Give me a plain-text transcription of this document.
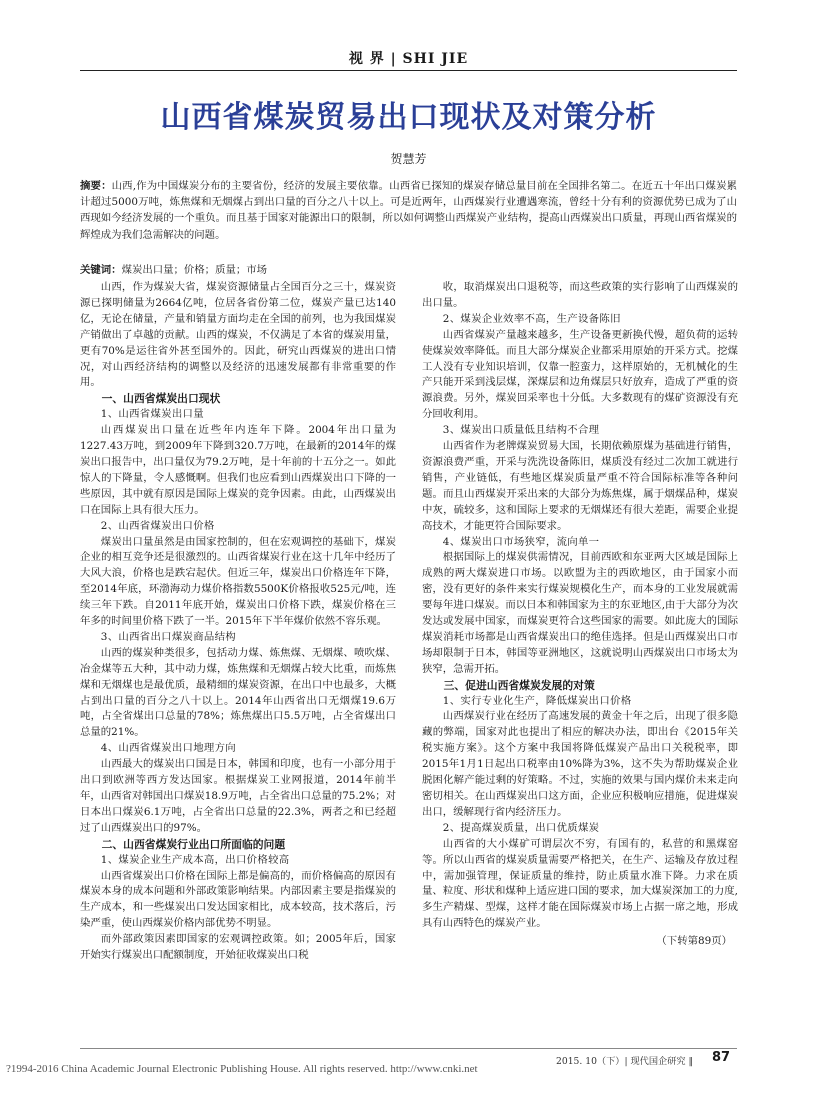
视 界 | SHI JIE
山西省煤炭贸易出口现状及对策分析
贺慧芳
摘要：山西,作为中国煤炭分布的主要省份，经济的发展主要依靠。山西省已探知的煤炭存储总量目前在全国排名第二。在近五十年出口煤炭累计超过5000万吨，炼焦煤和无烟煤占到出口量的百分之八十以上。可是近两年，山西煤炭行业遭遇寒流，曾经十分有利的资源优势已成为了山西现如今经济发展的一个重负。而且基于国家对能源出口的限制，所以如何调整山西煤炭产业结构，提高山西煤炭出口质量，再现山西省煤炭的辉煌成为我们急需解决的问题。
关键词：煤炭出口量；价格；质量；市场

山西，作为煤炭大省，煤炭资源储量占全国百分之三十，煤炭资源已探明储量为2664亿吨，位居各省份第二位，煤炭产量已达140亿，无论在储量，产量和销量方面均走在全国的前列，也为我国煤炭产销做出了卓越的贡献。山西的煤炭，不仅满足了本省的煤炭用量，更有70%是运往省外甚至国外的。因此，研究山西煤炭的进出口情况，对山西经济结构的调整以及经济的迅速发展都有非常重要的作用。

一、山西省煤炭出口现状

1、山西省煤炭出口量

山西煤炭出口量在近些年内连年下降。2004年出口量为1227.43万吨，到2009年下降到320.7万吨，在最新的2014年的煤炭出口报告中，出口量仅为79.2万吨，是十年前的十五分之一。如此惊人的下降量，令人感慨啊。但我们也应看到山西煤炭出口下降的一些原因，其中就有原因是国际上煤炭的竞争因素。由此，山西煤炭出口在国际上具有很大压力。

2、山西省煤炭出口价格

煤炭出口量虽然是由国家控制的，但在宏观调控的基础下，煤炭企业的相互竞争还是很激烈的。山西省煤炭行业在这十几年中经历了大风大浪，价格也是跌宕起伏。但近三年，煤炭出口价格连年下降，至2014年底，环渤海动力煤价格指数5500K价格报收525元/吨，连续三年下跌。自2011年底开始，煤炭出口价格下跌，煤炭价格在三年多的时间里价格下跌了一半。2015年下半年煤价依然不容乐观。

3、山西省出口煤炭商品结构

山西的煤炭种类很多，包括动力煤、炼焦煤、无烟煤、喷吹煤、冶金煤等五大种，其中动力煤，炼焦煤和无烟煤占较大比重，而炼焦煤和无烟煤也是最优质，最精细的煤炭资源，在出口中也最多，大概占到出口量的百分之八十以上。2014年山西省出口无烟煤19.6万吨，占全省煤出口总量的78%；炼焦煤出口5.5万吨，占全省煤出口总量的21%。

4、山西省煤炭出口地理方向

山西最大的煤炭出口国是日本，韩国和印度，也有一小部分用于出口到欧洲等西方发达国家。根据煤炭工业网报道，2014年前半年，山西省对韩国出口煤炭18.9万吨，占全省出口总量的75.2%；对日本出口煤炭6.1万吨，占全省出口总量的22.3%，两者之和已经超过了山西煤炭出口的97%。

二、山西省煤炭行业出口所面临的问题

1、煤炭企业生产成本高，出口价格较高

山西省煤炭出口价格在国际上都是偏高的，而价格偏高的原因有煤炭本身的成本问题和外部政策影响结果。内部因素主要是指煤炭的生产成本，和一些煤炭出口发达国家相比，成本较高，技术落后，污染严重，使山西煤炭价格内部优势不明显。

而外部政策因素即国家的宏观调控政策。如；2005年后，国家开始实行煤炭出口配额制度，开始征收煤炭出口税

收，取消煤炭出口退税等，而这些政策的实行影响了山西煤炭的出口量。

2、煤炭企业效率不高，生产设备陈旧

山西省煤炭产量越来越多，生产设备更新换代慢，超负荷的运转使煤炭效率降低。而且大部分煤炭企业都采用原始的开采方式。挖煤工人没有专业知识培训，仅靠一腔蛮力，这样原始的，无机械化的生产只能开采到浅层煤，深煤层和边角煤层只好放弃，造成了严重的资源浪费。另外，煤炭回采率也十分低。大多数现有的煤矿资源没有充分回收利用。

3、煤炭出口质量低且结构不合理

山西省作为老牌煤炭贸易大国，长期依赖原煤为基础进行销售，资源浪费严重，开采与洗洗设备陈旧，煤质没有经过二次加工就进行销售，产业链低，有些地区煤炭质量严重不符合国际标准等各种问题。而且山西煤炭开采出来的大部分为炼焦煤，属于烟煤品种，煤炭中灰，硫较多，这和国际上要求的无烟煤还有很大差距，需要企业提高技术，才能更符合国际要求。

4、煤炭出口市场狭窄，流向单一

根据国际上的煤炭供需情况，目前西欧和东亚两大区域是国际上成熟的两大煤炭进口市场。以欧盟为主的西欧地区，由于国家小而密，没有更好的条件来实行煤炭规模化生产，而本身的工业发展就需要每年进口煤炭。而以日本和韩国家为主的东亚地区,由于大部分为次发达或发展中国家，而煤炭更符合这些国家的需要。如此庞大的国际煤炭消耗市场都是山西省煤炭出口的绝佳选择。但是山西煤炭出口市场却限制于日本，韩国等亚洲地区，这就说明山西煤炭出口市场太为狭窄，急需开拓。

三、促进山西省煤炭发展的对策

1、实行专业化生产，降低煤炭出口价格

山西煤炭行业在经历了高速发展的黄金十年之后，出现了很多隐藏的弊端，国家对此也提出了相应的解决办法，即出台《2015年关税实施方案》。这个方案中我国将降低煤炭产品出口关税税率，即2015年1月1日起出口税率由10%降为3%，这不失为帮助煤炭企业脱困化解产能过剩的好策略。不过，实施的效果与国内煤价未来走向密切相关。在山西煤炭出口这方面，企业应积极响应措施，促进煤炭出口，缓解现行省内经济压力。

2、提高煤炭质量，出口优质煤炭

山西省的大小煤矿可谓层次不穷，有国有的，私营的和黑煤窑等。所以山西省的煤炭质量需要严格把关，在生产、运输及存放过程中，需加强管理，保证质量的维持，防止质量水准下降。力求在质量、粒度、形状和煤种上适应进口国的要求，加大煤炭深加工的力度,多生产精煤、型煤，这样才能在国际煤炭市场上占据一席之地，形成具有山西特色的煤炭产业。

（下转第89页）

2015. 10（下）| 现代国企研究 ‖ 87
?1994-2016 China Academic Journal Electronic Publishing House. All rights reserved. http://www.cnki.net
